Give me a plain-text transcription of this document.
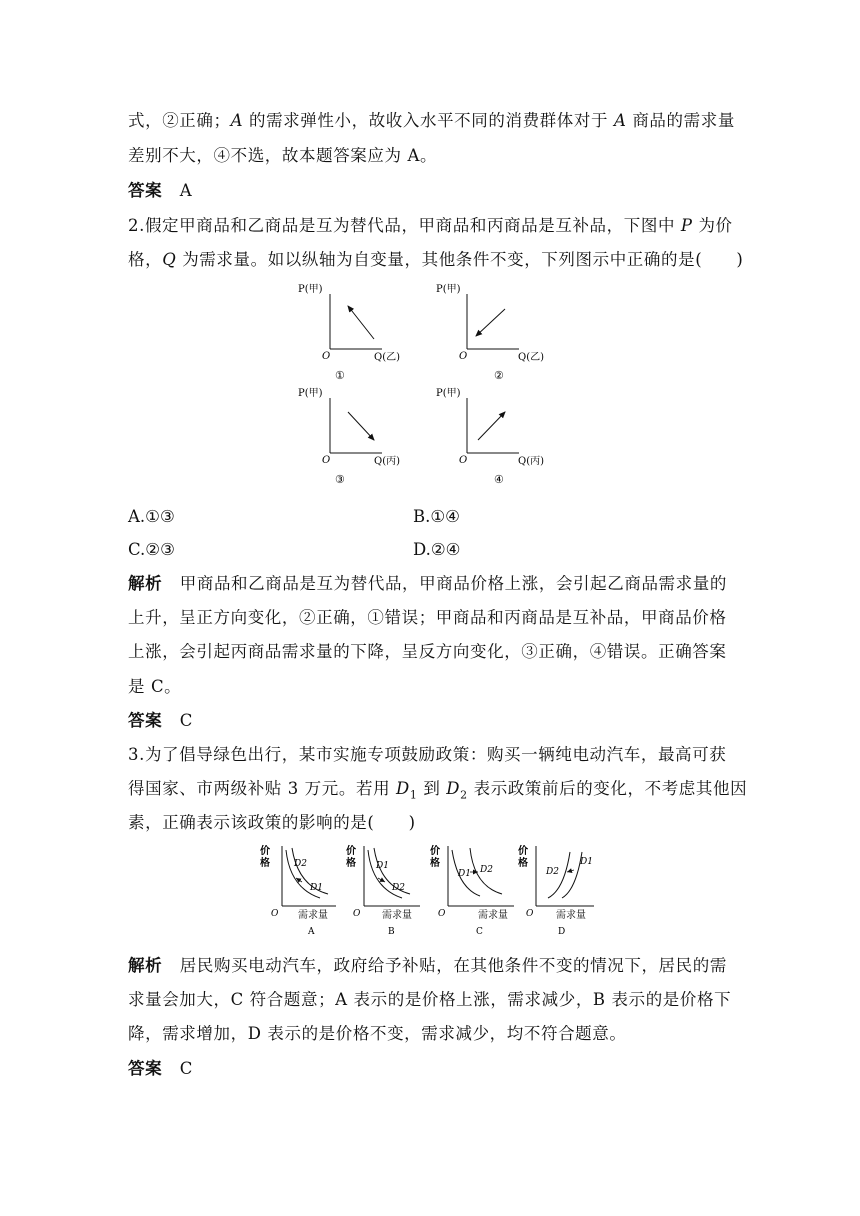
式，②正确；A 的需求弹性小，故收入水平不同的消费群体对于 A 商品的需求量
差别不大，④不选，故本题答案应为 A。
答案 A
2.假定甲商品和乙商品是互为替代品，甲商品和丙商品是互补品，下图中 P 为价
格，Q 为需求量。如以纵轴为自变量，其他条件不变，下列图示中正确的是(　　)
P(甲)
O	Q(乙)
①
P(甲)
O	Q(乙)
②
P(甲)
O	Q(丙)
③
P(甲)
O	Q(丙)
④
A.①③	B.①④
C.②③	D.②④
解析 甲商品和乙商品是互为替代品，甲商品价格上涨，会引起乙商品需求量的
上升，呈正方向变化，②正确，①错误；甲商品和丙商品是互补品，甲商品价格
上涨，会引起丙商品需求量的下降，呈反方向变化，③正确，④错误。正确答案
是 C。
答案 C
3.为了倡导绿色出行，某市实施专项鼓励政策：购买一辆纯电动汽车，最高可获
得国家、市两级补贴 3 万元。若用 $D_1$ 到 $D_2$ 表示政策前后的变化，不考虑其他因
素，正确表示该政策的影响的是(　　)
价
格	D2
D1
O 需求量
A
价
格 D1
D2
O 需求量
B
价
格
D1 D2
O	需求量
C
价
格
D2
D1
O 需求量
D
解析 居民购买电动汽车，政府给予补贴，在其他条件不变的情况下，居民的需
求量会加大，C 符合题意；A 表示的是价格上涨，需求减少，B 表示的是价格下
降，需求增加，D 表示的是价格不变，需求减少，均不符合题意。
答案 C
